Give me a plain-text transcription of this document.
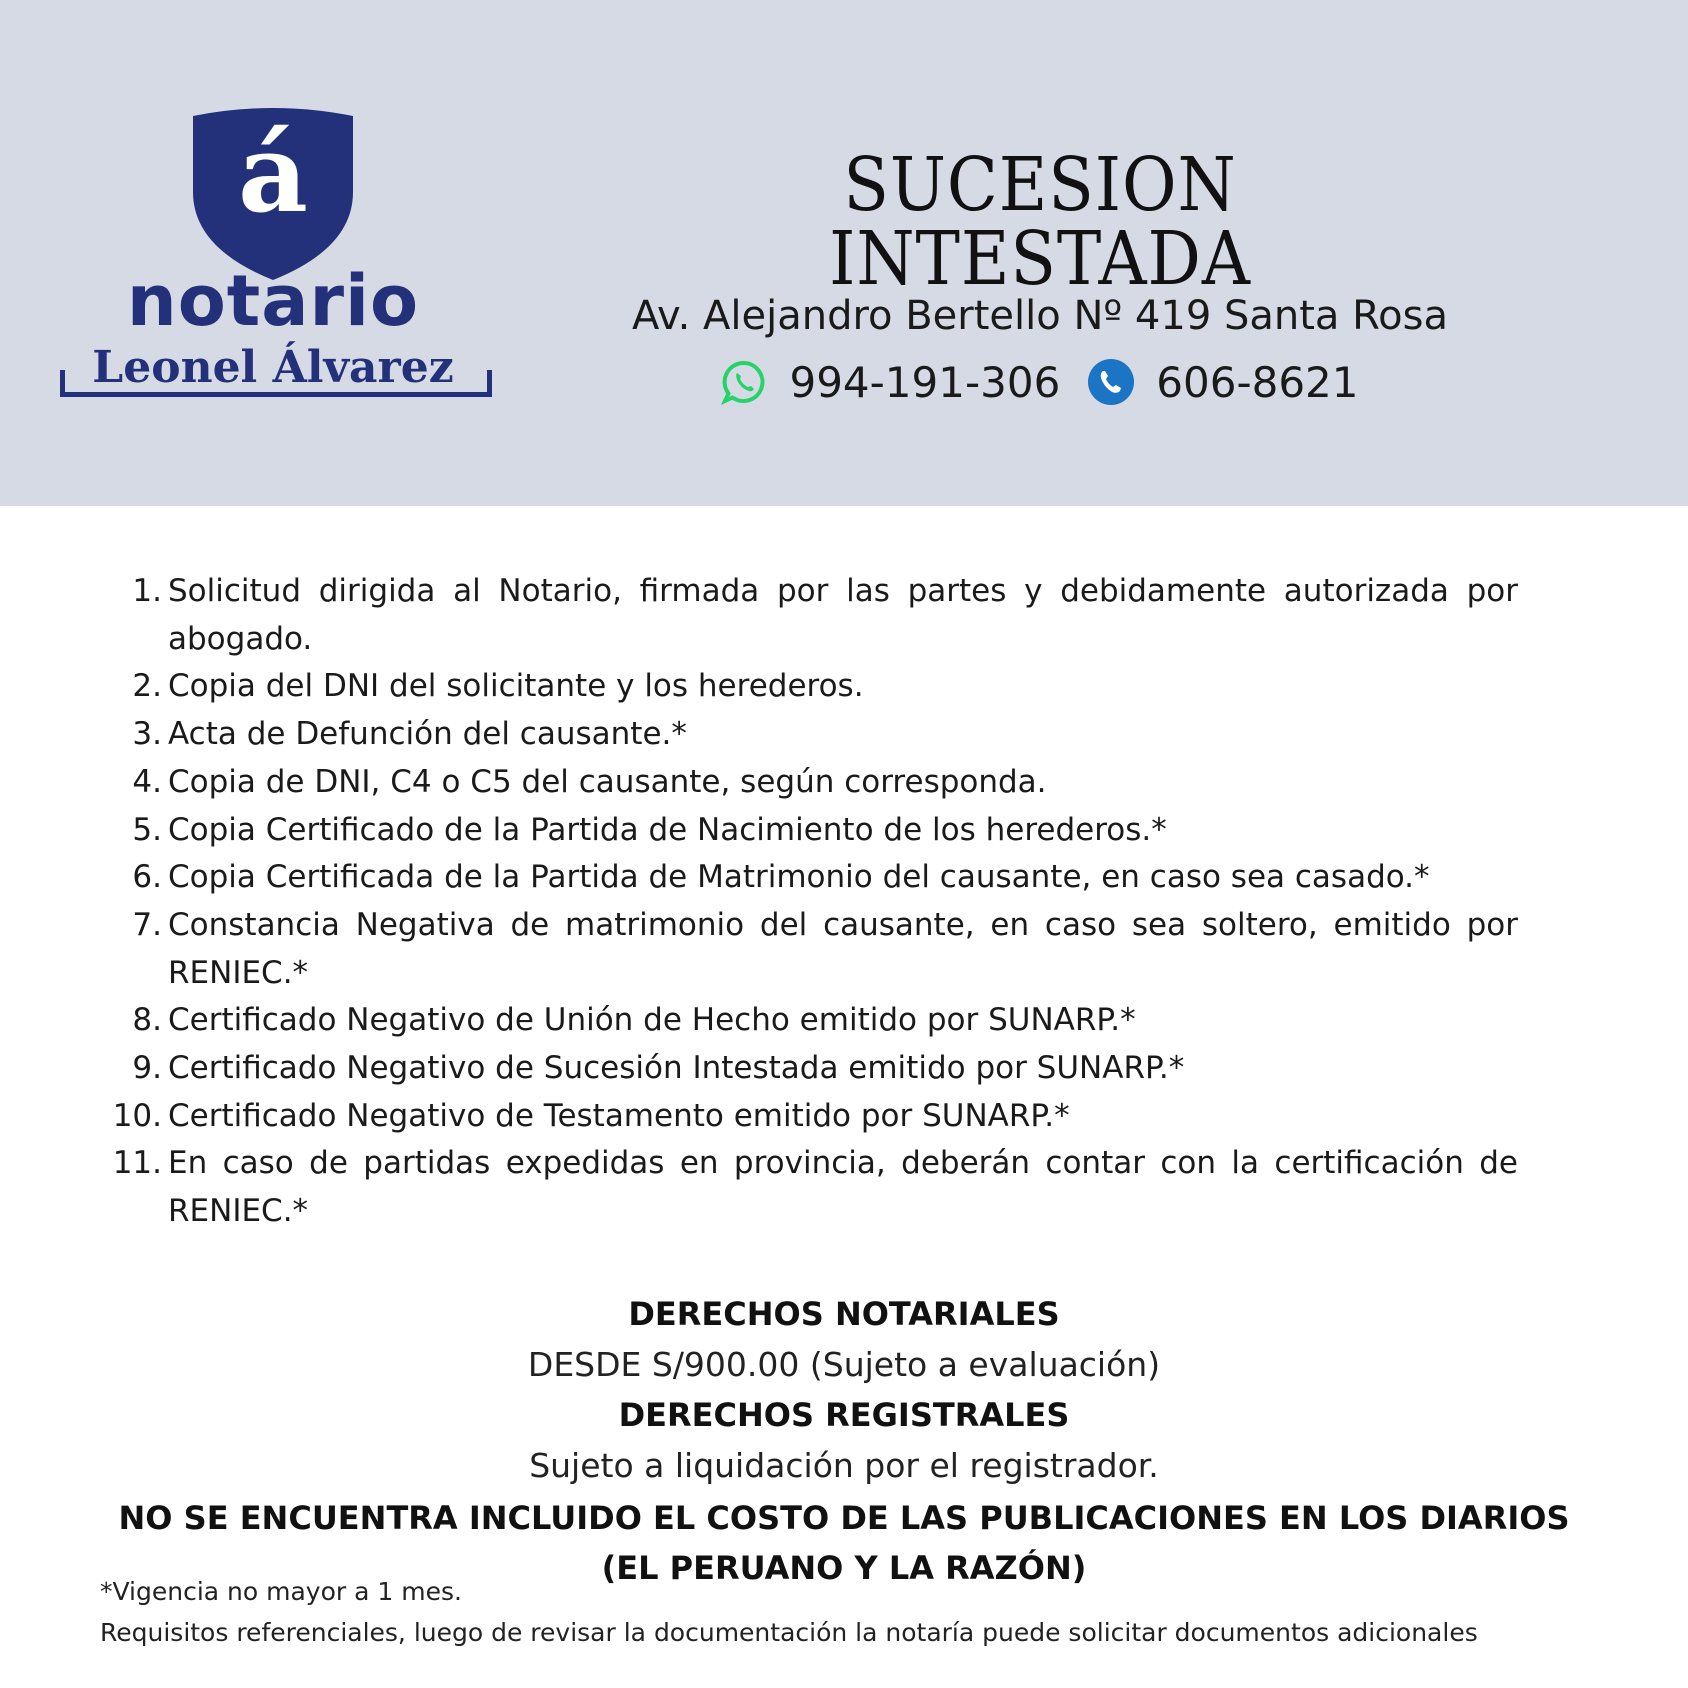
á
notario
Leonel Álvarez
SUCESION INTESTADA
Av. Alejandro Bertello Nº 419 Santa Rosa
994-191-306 606-8621
1. Solicitud dirigida al Notario, firmada por las partes y debidamente autorizada por abogado.
2. Copia del DNI del solicitante y los herederos.
3. Acta de Defunción del causante.*
4. Copia de DNI, C4 o C5 del causante, según corresponda.
5. Copia Certificado de la Partida de Nacimiento de los herederos.*
6. Copia Certificada de la Partida de Matrimonio del causante, en caso sea casado.*
7. Constancia Negativa de matrimonio del causante, en caso sea soltero, emitido por RENIEC.*
8. Certificado Negativo de Unión de Hecho emitido por SUNARP.*
9. Certificado Negativo de Sucesión Intestada emitido por SUNARP.*
10. Certificado Negativo de Testamento emitido por SUNARP.*
11. En caso de partidas expedidas en provincia, deberán contar con la certificación de RENIEC.*
DERECHOS NOTARIALES
DESDE S/900.00 (Sujeto a evaluación)
DERECHOS REGISTRALES
Sujeto a liquidación por el registrador.
NO SE ENCUENTRA INCLUIDO EL COSTO DE LAS PUBLICACIONES EN LOS DIARIOS (EL PERUANO Y LA RAZÓN)
*Vigencia no mayor a 1 mes.
Requisitos referenciales, luego de revisar la documentación la notaría puede solicitar documentos adicionales
